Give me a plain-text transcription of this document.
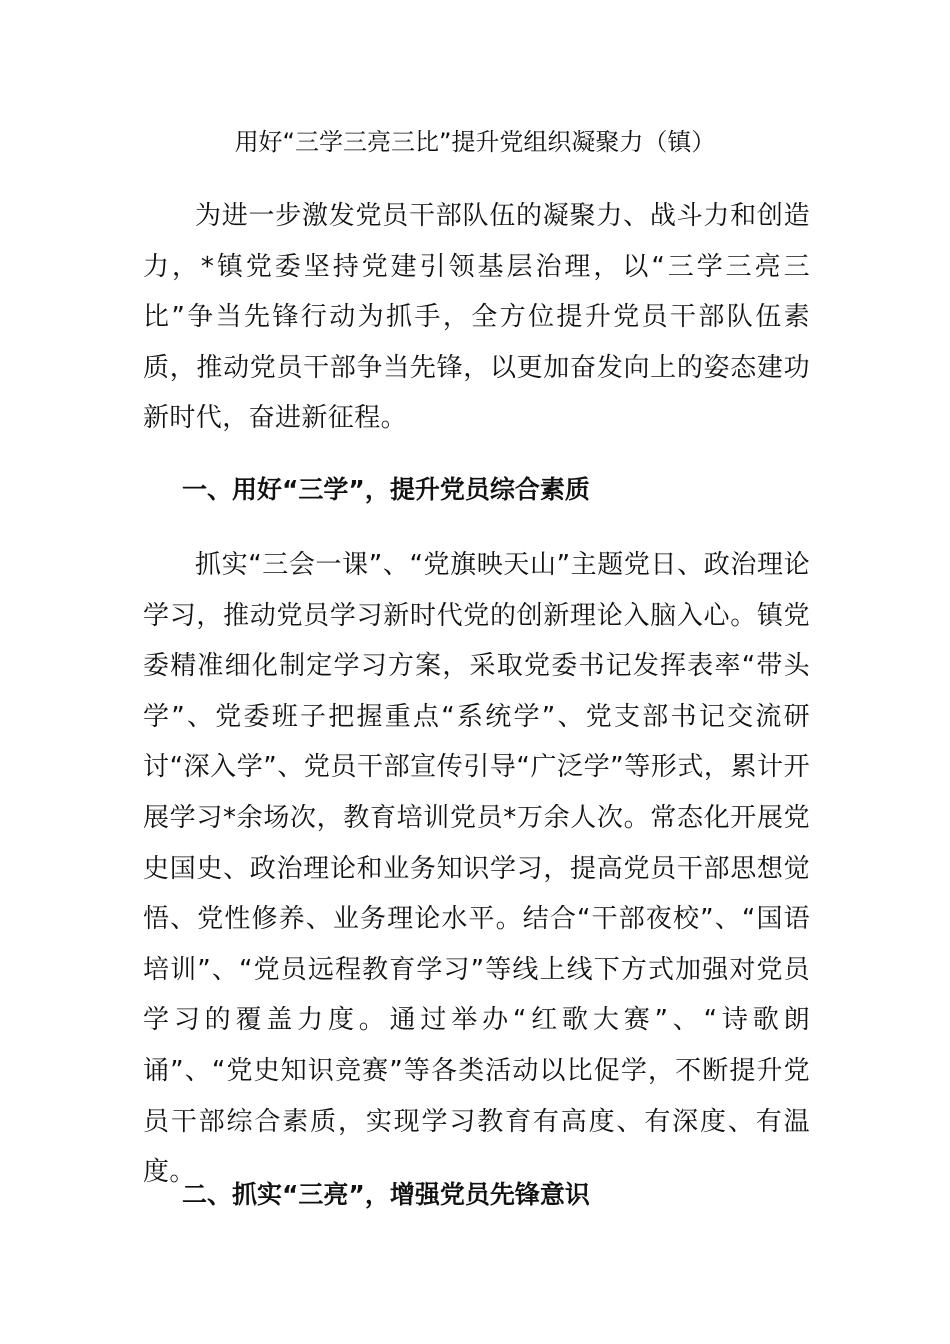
用好“三学三亮三比”提升党组织凝聚力（镇）

为进一步激发党员干部队伍的凝聚力、战斗力和创造力，*镇党委坚持党建引领基层治理，以“三学三亮三比”争当先锋行动为抓手，全方位提升党员干部队伍素质，推动党员干部争当先锋，以更加奋发向上的姿态建功新时代，奋进新征程。

一、用好“三学”，提升党员综合素质

抓实“三会一课”、“党旗映天山”主题党日、政治理论学习，推动党员学习新时代党的创新理论入脑入心。镇党委精准细化制定学习方案，采取党委书记发挥表率“带头学”、党委班子把握重点“系统学”、党支部书记交流研讨“深入学”、党员干部宣传引导“广泛学”等形式，累计开展学习*余场次，教育培训党员*万余人次。常态化开展党史国史、政治理论和业务知识学习，提高党员干部思想觉悟、党性修养、业务理论水平。结合“干部夜校”、“国语培训”、“党员远程教育学习”等线上线下方式加强对党员学习的覆盖力度。通过举办“红歌大赛”、“诗歌朗诵”、“党史知识竞赛”等各类活动以比促学，不断提升党员干部综合素质，实现学习教育有高度、有深度、有温度。

二、抓实“三亮”，增强党员先锋意识
